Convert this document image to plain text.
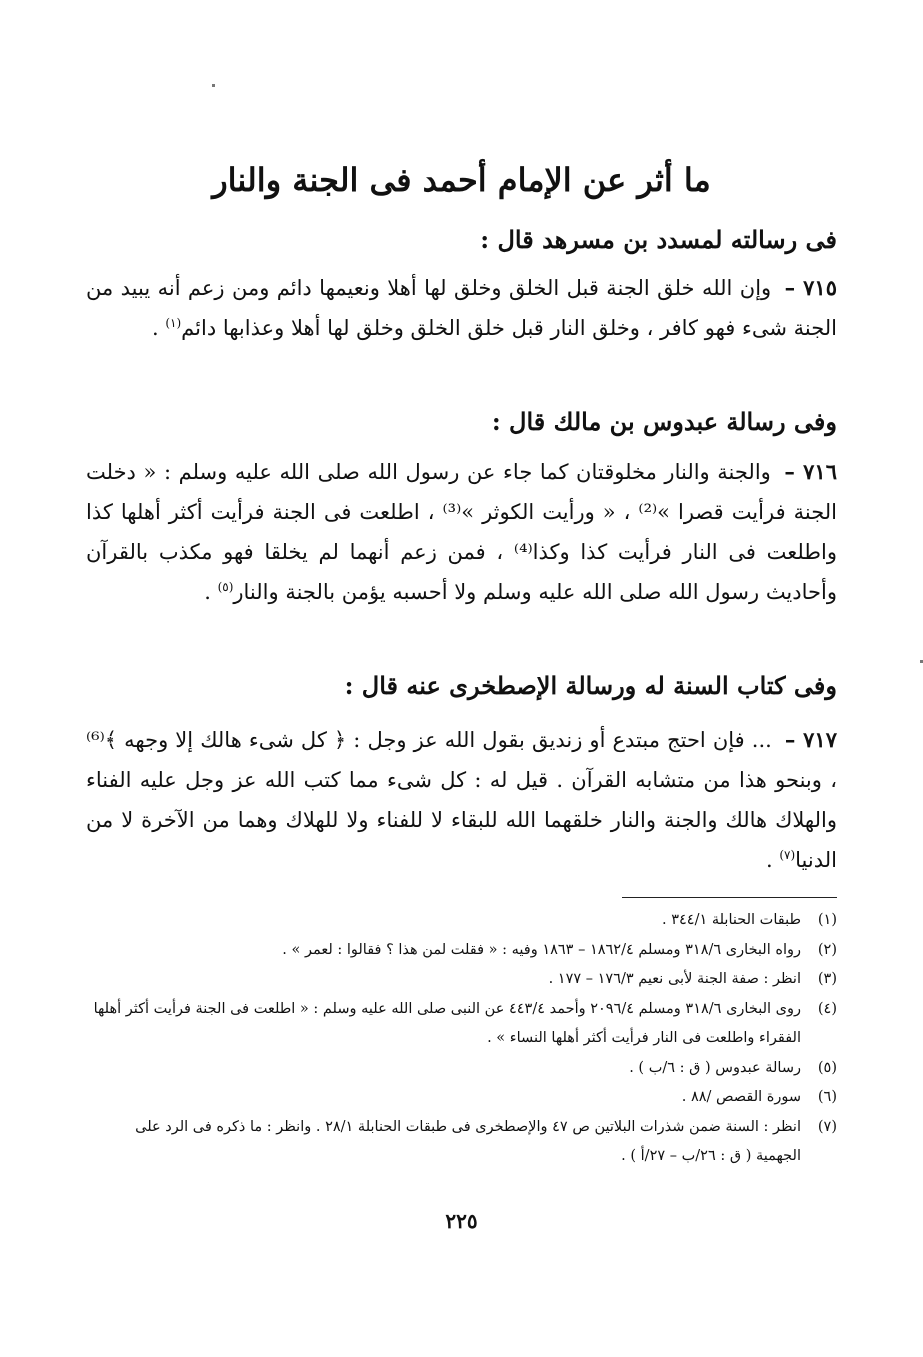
ما أثر عن الإمام أحمد فى الجنة والنار
فى رسالته لمسدد بن مسرهد قال :
٧١٥ – وإن الله خلق الجنة قبل الخلق وخلق لها أهلا ونعيمها دائم ومن زعم أنه يبيد من الجنة شىء فهو كافر ، وخلق النار قبل خلق الخلق وخلق لها أهلا وعذابها دائم$^{(١)}$ .
وفى رسالة عبدوس بن مالك قال :
٧١٦ – والجنة والنار مخلوقتان كما جاء عن رسول الله صلى الله عليه وسلم : « دخلت الجنة فرأيت قصرا »⁽²⁾ ، « ورأيت الكوثر »⁽³⁾ ، اطلعت فى الجنة فرأيت أكثر أهلها كذا واطلعت فى النار فرأيت كذا وكذا⁽⁴⁾ ، فمن زعم أنهما لم يخلقا فهو مكذب بالقرآن وأحاديث رسول الله صلى الله عليه وسلم ولا أحسبه يؤمن بالجنة والنار$^{(٥)}$ .
وفى كتاب السنة له ورسالة الإصطخرى عنه قال :
٧١٧ – ... فإن احتج مبتدع أو زنديق بقول الله عز وجل : ﴿ كل شىء هالك إلا وجهه ﴾⁽⁶⁾ ، وبنحو هذا من متشابه القرآن . قيل له : كل شىء مما كتب الله عز وجل عليه الفناء والهلاك هالك والجنة والنار خلقهما الله للبقاء لا للفناء ولا للهلاك وهما من الآخرة لا من الدنيا$^{(٧)}$ .
(١)
طبقات الحنابلة ٣٤٤/١ .
(٢)
رواه البخارى ٣١٨/٦ ومسلم ١٨٦٢/٤ – ١٨٦٣ وفيه : « فقلت لمن هذا ؟ فقالوا : لعمر » .
(٣)
انظر : صفة الجنة لأبى نعيم ١٧٦/٣ – ١٧٧ .
(٤)
روى البخارى ٣١٨/٦ ومسلم ٢٠٩٦/٤ وأحمد ٤٤٣/٤ عن النبى صلى الله عليه وسلم : « اطلعت فى الجنة فرأيت أكثر أهلها الفقراء واطلعت فى النار فرأيت أكثر أهلها النساء » .
(٥)
رسالة عبدوس ( ق : ٦/ب ) .
(٦)
سورة القصص /٨٨ .
(٧)
انظر : السنة ضمن شذرات البلاتين ص ٤٧ والإصطخرى فى طبقات الحنابلة ٢٨/١ . وانظر : ما ذكره فى الرد على الجهمية ( ق : ٢٦/ب – ٢٧/أ ) .
٢٢٥
